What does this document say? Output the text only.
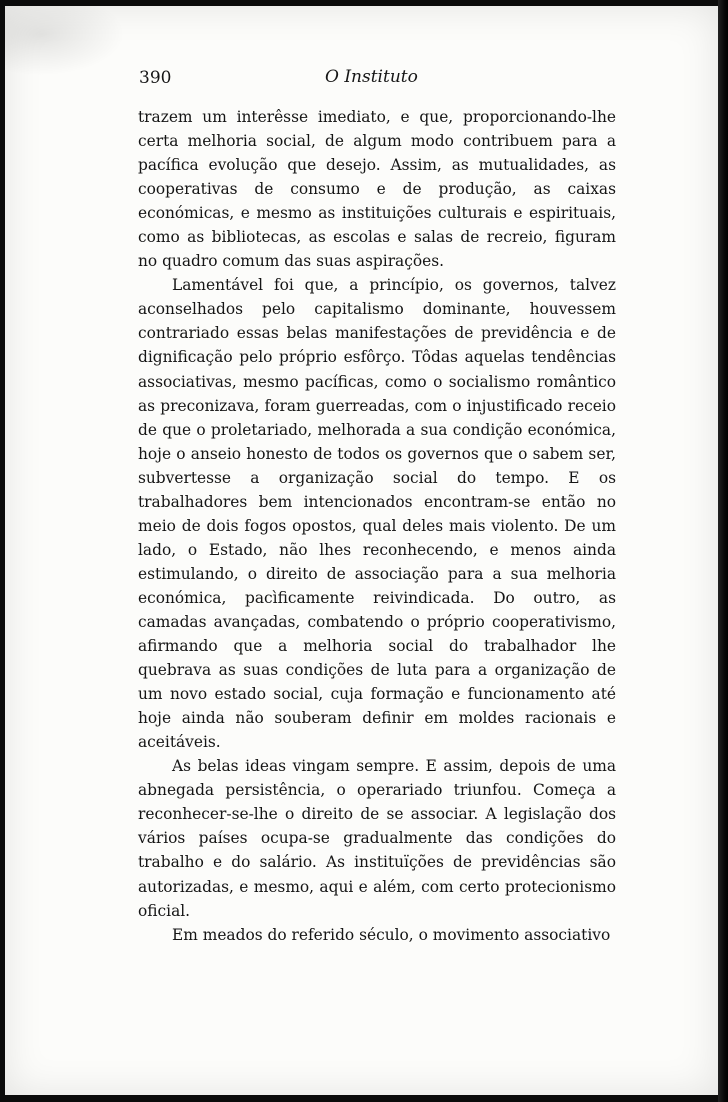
390	O Instituto

trazem um interêsse imediato, e que, proporcionando-lhe certa melhoria social, de algum modo contribuem para a pacífica evolução que desejo. Assim, as mutualidades, as cooperativas de consumo e de produção, as caixas económicas, e mesmo as instituições culturais e espirituais, como as bibliotecas, as escolas e salas de recreio, figuram no quadro comum das suas aspirações.

Lamentável foi que, a princípio, os governos, talvez aconselhados pelo capitalismo dominante, houvessem contrariado essas belas manifestações de previdência e de dignificação pelo próprio esfôrço. Tôdas aquelas tendências associativas, mesmo pacíficas, como o socialismo romântico as preconizava, foram guerreadas, com o injustificado receio de que o proletariado, melhorada a sua condição económica, hoje o anseio honesto de todos os governos que o sabem ser, subvertesse a organização social do tempo. E os trabalhadores bem intencionados encontram-se então no meio de dois fogos opostos, qual deles mais violento. De um lado, o Estado, não lhes reconhecendo, e menos ainda estimulando, o direito de associação para a sua melhoria económica, pacìficamente reivindicada. Do outro, as camadas avançadas, combatendo o próprio cooperativismo, afirmando que a melhoria social do trabalhador lhe quebrava as suas condições de luta para a organização de um novo estado social, cuja formação e funcionamento até hoje ainda não souberam definir em moldes racionais e aceitáveis.

As belas ideas vingam sempre. E assim, depois de uma abnegada persistência, o operariado triunfou. Começa a reconhecer-se-lhe o direito de se associar. A legislação dos vários países ocupa-se gradualmente das condições do trabalho e do salário. As instituïções de previdências são autorizadas, e mesmo, aqui e além, com certo protecionismo oficial.

Em meados do referido século, o movimento associativo
